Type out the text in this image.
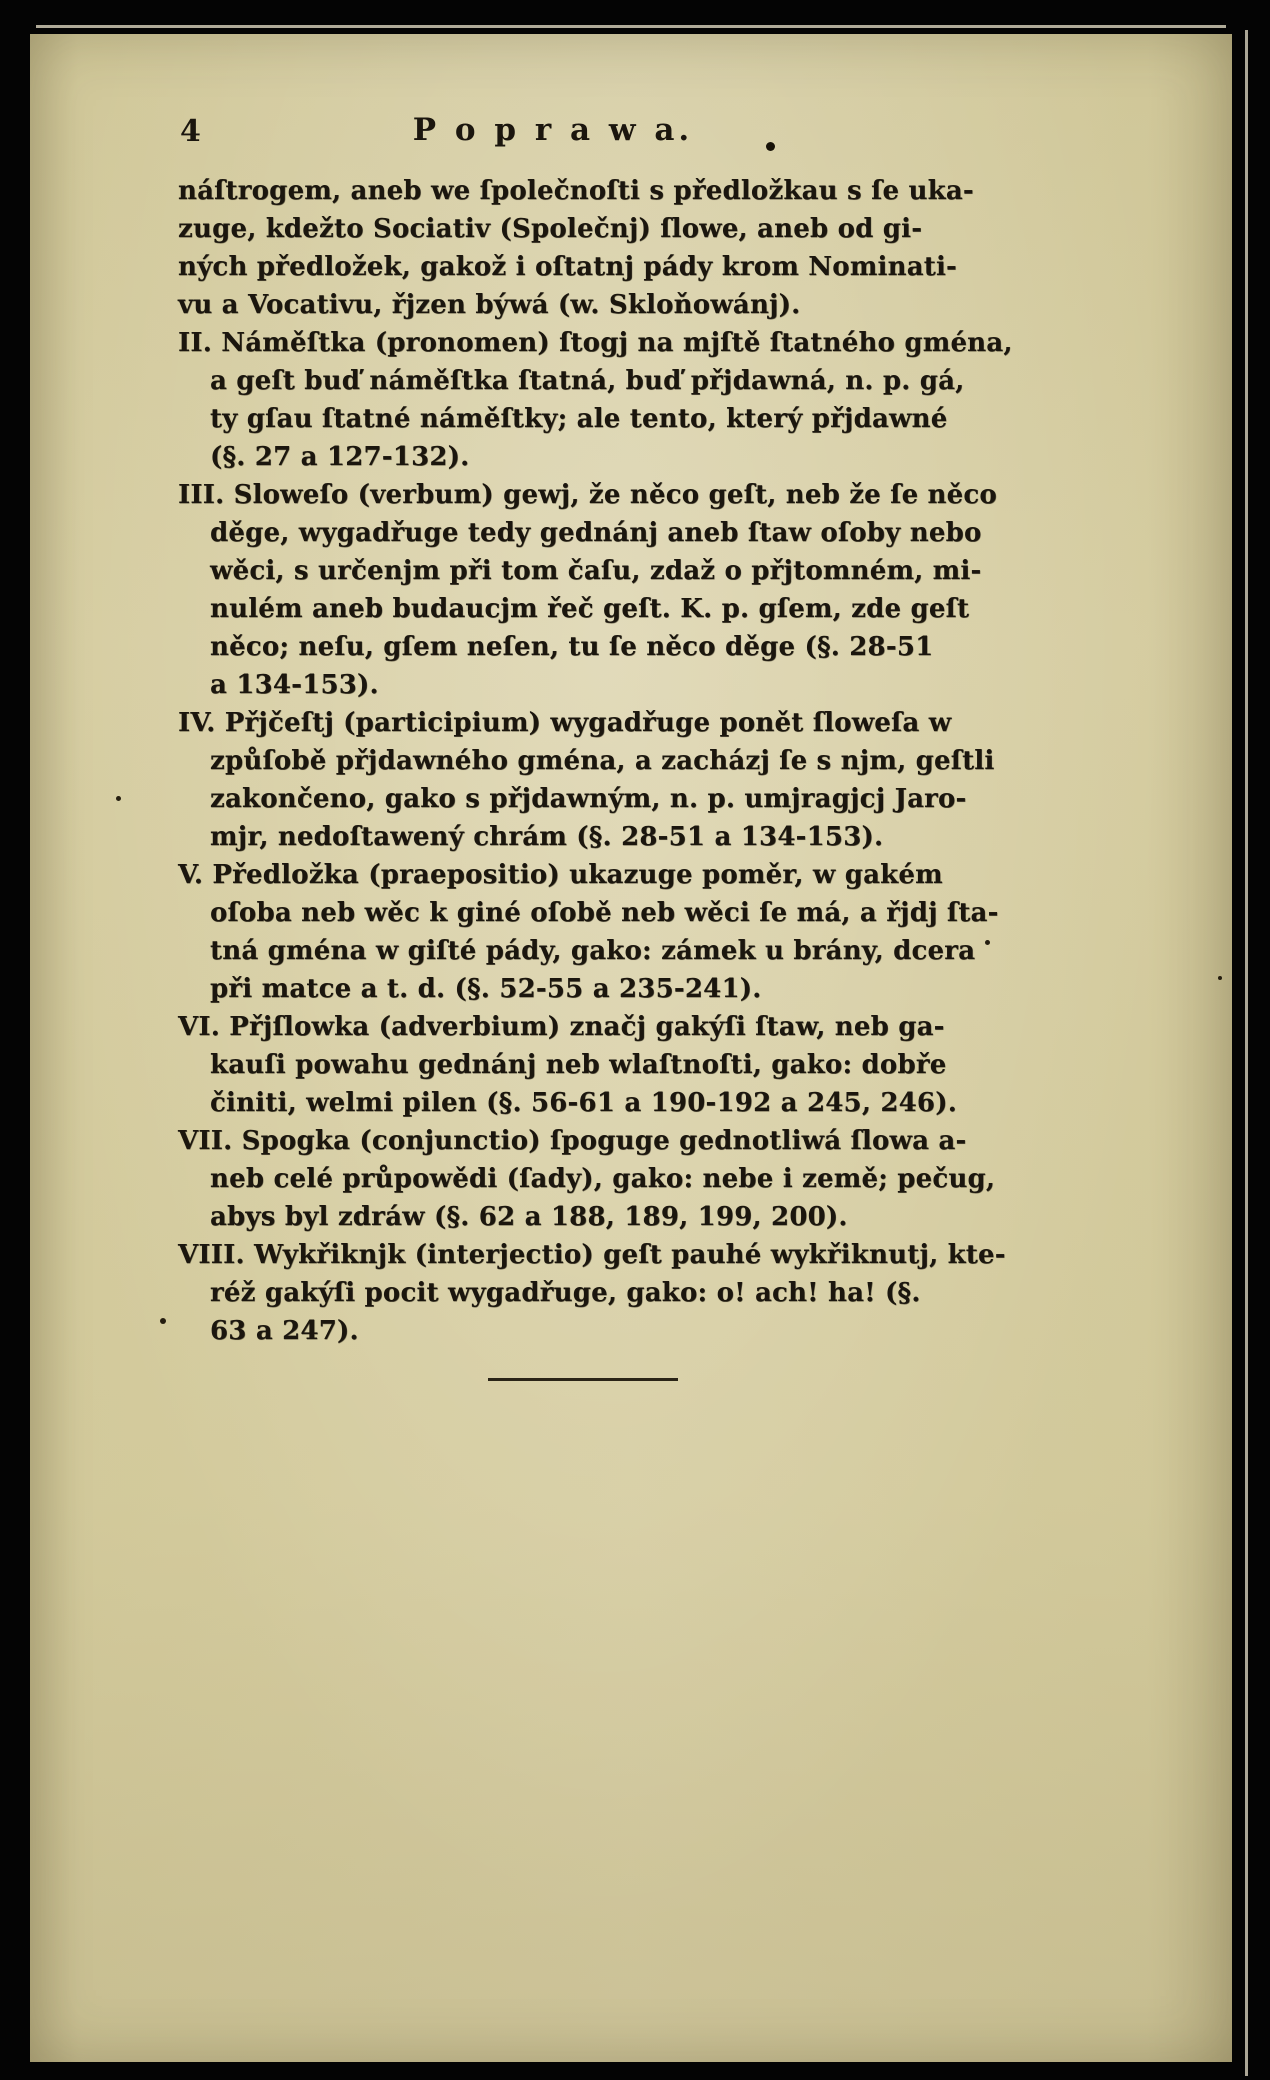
4	P o p r a w a.
náſtrogem, aneb we ſpolečnoſti s předložkau s ſe uka-
zuge, kdežto Sociativ (Společnj) ſlowe, aneb od gi-
ných předložek, gakož i oſtatnj pády krom Nominati-
vu a Vocativu, řjzen býwá (w. Skloňowánj).
II. Náměſtka (pronomen) ſtogj na mjſtě ſtatného gména,
a geſt buď náměſtka ſtatná, buď přjdawná, n. p. gá,
ty gſau ſtatné náměſtky; ale tento, který přjdawné
(§. 27 a 127-132).
III. Sloweſo (verbum) gewj, že něco geſt, neb že ſe něco
děge, wygadřuge tedy gednánj aneb ſtaw oſoby nebo
wěci, s určenjm při tom čaſu, zdaž o přjtomném, mi-
nulém aneb budaucjm řeč geſt. K. p. gſem, zde geſt
něco; neſu, gſem neſen, tu ſe něco děge (§. 28-51
a 134-153).
IV. Přjčeſtj (participium) wygadřuge ponět ſloweſa w
způſobě přjdawného gména, a zacházj ſe s njm, geſtli
zakončeno, gako s přjdawným, n. p. umjragjcj Jaro-
mjr, nedoſtawený chrám (§. 28-51 a 134-153).
V. Předložka (praepositio) ukazuge poměr, w gakém
oſoba neb wěc k giné oſobě neb wěci ſe má, a řjdj ſta-
tná gména w giſté pády, gako: zámek u brány, dcera
při matce a t. d. (§. 52-55 a 235-241).
VI. Přjſlowka (adverbium) značj gakýſi ſtaw, neb ga-
kauſi powahu gednánj neb wlaſtnoſti, gako: dobře
činiti, welmi pilen (§. 56-61 a 190-192 a 245, 246).
VII. Spogka (conjunctio) ſpoguge gednotliwá ſlowa a-
neb celé průpowědi (ſady), gako: nebe i země; pečug,
abys byl zdráw (§. 62 a 188, 189, 199, 200).
VIII. Wykřiknjk (interjectio) geſt pauhé wykřiknutj, kte-
réž gakýſi pocit wygadřuge, gako: o! ach! ha! (§.
63 a 247).
